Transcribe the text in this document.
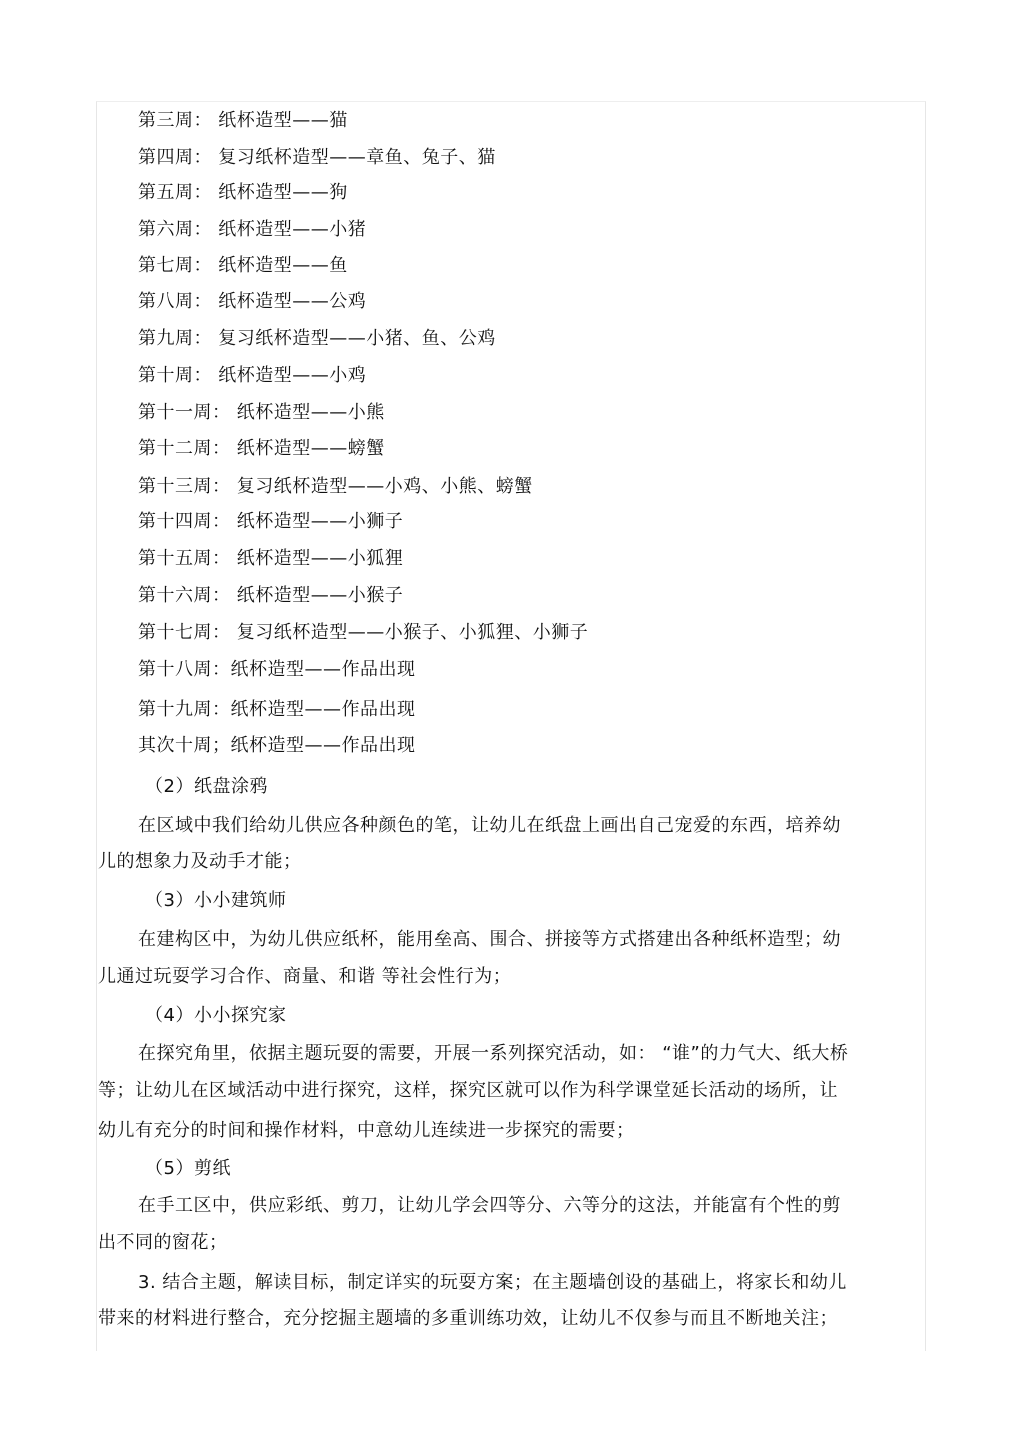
第三周： 纸杯造型——猫
第四周： 复习纸杯造型——章鱼、兔子、猫
第五周： 纸杯造型——狗
第六周： 纸杯造型——小猪
第七周： 纸杯造型——鱼
第八周： 纸杯造型——公鸡
第九周： 复习纸杯造型——小猪、鱼、公鸡
第十周： 纸杯造型——小鸡
第十一周： 纸杯造型——小熊
第十二周： 纸杯造型——螃蟹
第十三周： 复习纸杯造型——小鸡、小熊、螃蟹
第十四周： 纸杯造型——小狮子
第十五周： 纸杯造型——小狐狸
第十六周： 纸杯造型——小猴子
第十七周： 复习纸杯造型——小猴子、小狐狸、小狮子
第十八周：纸杯造型——作品出现
第十九周：纸杯造型——作品出现
其次十周；纸杯造型——作品出现
（2）纸盘涂鸦
在区域中我们给幼儿供应各种颜色的笔，让幼儿在纸盘上画出自己宠爱的东西，培养幼
儿的想象力及动手才能；
（3）小小建筑师
在建构区中，为幼儿供应纸杯，能用垒高、围合、拼接等方式搭建出各种纸杯造型；幼
儿通过玩耍学习合作、商量、和谐 等社会性行为；
（4）小小探究家
在探究角里，依据主题玩耍的需要，开展一系列探究活动，如： “谁”的力气大、纸大桥
等；让幼儿在区域活动中进行探究，这样，探究区就可以作为科学课堂延长活动的场所，让
幼儿有充分的时间和操作材料，中意幼儿连续进一步探究的需要；
（5）剪纸
在手工区中，供应彩纸、剪刀，让幼儿学会四等分、六等分的这法，并能富有个性的剪
出不同的窗花；
3. 结合主题，解读目标，制定详实的玩耍方案；在主题墙创设的基础上，将家长和幼儿
带来的材料进行整合，充分挖掘主题墙的多重训练功效，让幼儿不仅参与而且不断地关注；
